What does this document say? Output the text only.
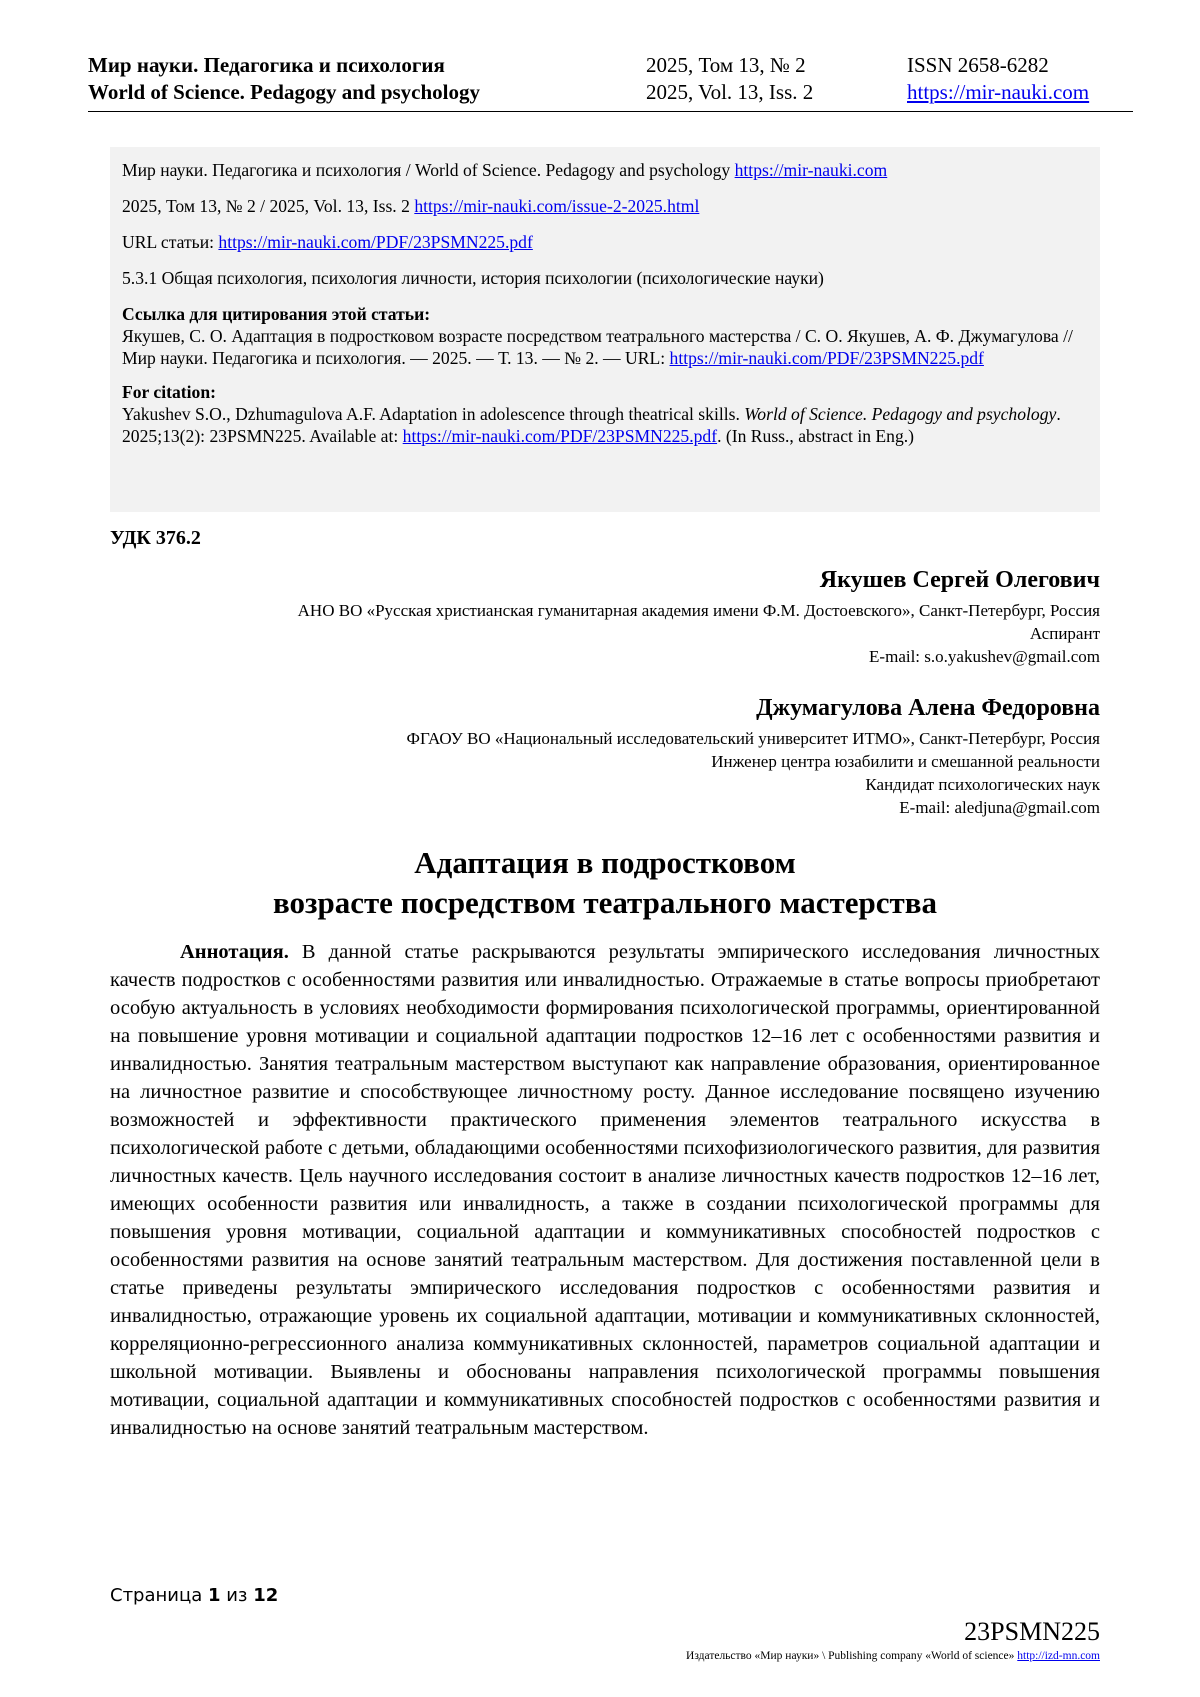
Мир науки. Педагогика и психология
World of Science. Pedagogy and psychology
2025, Том 13, № 2
2025, Vol. 13, Iss. 2
ISSN 2658-6282
https://mir-nauki.com
Мир науки. Педагогика и психология / World of Science. Pedagogy and psychology https://mir-nauki.com
2025, Том 13, № 2 / 2025, Vol. 13, Iss. 2 https://mir-nauki.com/issue-2-2025.html
URL статьи: https://mir-nauki.com/PDF/23PSMN225.pdf
5.3.1 Общая психология, психология личности, история психологии (психологические науки)
Ссылка для цитирования этой статьи:

Якушев, С. О. Адаптация в подростковом возрасте посредством театрального мастерства / С. О. Якушев, А. Ф. Джумагулова // Мир науки. Педагогика и психология. — 2025. — Т. 13. — № 2. — URL: https://mir-nauki.com/PDF/23PSMN225.pdf

For citation:

Yakushev S.O., Dzhumagulova A.F. Adaptation in adolescence through theatrical skills. World of Science. Pedagogy and psychology. 2025;13(2): 23PSMN225. Available at: https://mir-nauki.com/PDF/23PSMN225.pdf. (In Russ., abstract in Eng.)

УДК 376.2
Якушев Сергей Олегович
АНО ВО «Русская христианская гуманитарная академия имени Ф.М. Достоевского», Санкт-Петербург, Россия
Аспирант
E-mail: s.o.yakushev@gmail.com
Джумагулова Алена Федоровна
ФГАОУ ВО «Национальный исследовательский университет ИТМО», Санкт-Петербург, Россия
Инженер центра юзабилити и смешанной реальности
Кандидат психологических наук
E-mail: aledjuna@gmail.com
Адаптация в подростковом
возрасте посредством театрального мастерства

Аннотация. В данной статье раскрываются результаты эмпирического исследования личностных качеств подростков с особенностями развития или инвалидностью. Отражаемые в статье вопросы приобретают особую актуальность в условиях необходимости формирования психологической программы, ориентированной на повышение уровня мотивации и социальной адаптации подростков 12–16 лет с особенностями развития и инвалидностью. Занятия театральным мастерством выступают как направление образования, ориентированное на личностное развитие и способствующее личностному росту. Данное исследование посвящено изучению возможностей и эффективности практического применения элементов театрального искусства в психологической работе с детьми, обладающими особенностями психофизиологического развития, для развития личностных качеств. Цель научного исследования состоит в анализе личностных качеств подростков 12–16 лет, имеющих особенности развития или инвалидность, а также в создании психологической программы для повышения уровня мотивации, социальной адаптации и коммуникативных способностей подростков с особенностями развития на основе занятий театральным мастерством. Для достижения поставленной цели в статье приведены результаты эмпирического исследования подростков с особенностями развития и инвалидностью, отражающие уровень их социальной адаптации, мотивации и коммуникативных склонностей, корреляционно-регрессионного анализа коммуникативных склонностей, параметров социальной адаптации и школьной мотивации. Выявлены и обоснованы направления психологической программы повышения мотивации, социальной адаптации и коммуникативных способностей подростков с особенностями развития и инвалидностью на основе занятий театральным мастерством.

Страница 1 из 12
23PSMN225
Издательство «Мир науки» \ Publishing company «World of science» http://izd-mn.com
